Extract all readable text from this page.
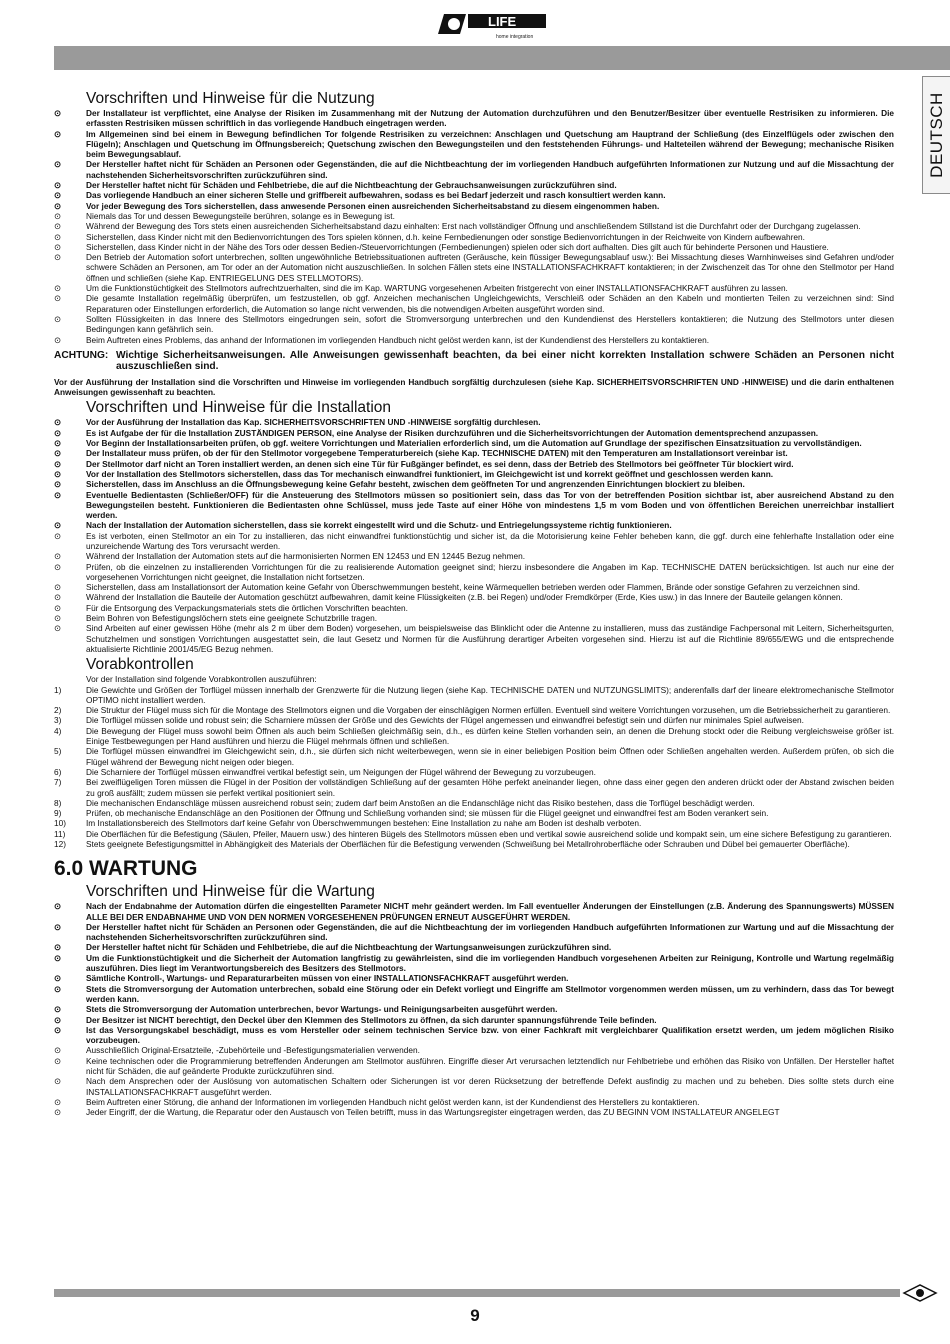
LIFE
home integration
DEUTSCH
Vorschriften und Hinweise für die Nutzung
⊙	Der Installateur ist verpflichtet, eine Analyse der Risiken im Zusammenhang mit der Nutzung der Automation durchzuführen und den Benutzer/Besitzer über eventuelle Restrisiken zu informieren. Die erfassten Restrisiken müssen schriftlich in das vorliegende Handbuch eingetragen werden.
⊙	Im Allgemeinen sind bei einem in Bewegung befindlichen Tor folgende Restrisiken zu verzeichnen: Anschlagen und Quetschung am Hauptrand der Schließung (des Einzelflügels oder zwischen den Flügeln); Anschlagen und Quetschung im Öffnungsbereich; Quetschung zwischen den Bewegungsteilen und den feststehenden Führungs- und Halteteilen während der Bewegung; mechanische Risiken beim Bewegungsablauf.
⊙	Der Hersteller haftet nicht für Schäden an Personen oder Gegenständen, die auf die Nichtbeachtung der im vorliegenden Handbuch aufgeführten Informationen zur Nutzung und auf die Missachtung der nachstehenden Sicherheitsvorschriften zurückzuführen sind.
⊙	Der Hersteller haftet nicht für Schäden und Fehlbetriebe, die auf die Nichtbeachtung der Gebrauchsanweisungen zurückzuführen sind.
⊙	Das vorliegende Handbuch an einer sicheren Stelle und griffbereit aufbewahren, sodass es bei Bedarf jederzeit und rasch konsultiert werden kann.
⊙	Vor jeder Bewegung des Tors sicherstellen, dass anwesende Personen einen ausreichenden Sicherheitsabstand zu diesem eingenommen haben.
⊙	Niemals das Tor und dessen Bewegungsteile berühren, solange es in Bewegung ist.
⊙	Während der Bewegung des Tors stets einen ausreichenden Sicherheitsabstand dazu einhalten: Erst nach vollständiger Öffnung und anschließendem Stillstand ist die Durchfahrt oder der Durchgang zugelassen.
⊙	Sicherstellen, dass Kinder nicht mit den Bedienvorrichtungen des Tors spielen können, d.h. keine Fernbedienungen oder sonstige Bedienvorrichtungen in der Reichweite von Kindern aufbewahren.
⊙	Sicherstellen, dass Kinder nicht in der Nähe des Tors oder dessen Bedien-/Steuervorrichtungen (Fernbedienungen) spielen oder sich dort aufhalten. Dies gilt auch für behinderte Personen und Haustiere.
⊙	Den Betrieb der Automation sofort unterbrechen, sollten ungewöhnliche Betriebssituationen auftreten (Geräusche, kein flüssiger Bewegungsablauf usw.): Bei Missachtung dieses Warnhinweises sind Gefahren und/oder schwere Schäden an Personen, am Tor oder an der Automation nicht auszuschließen. In solchen Fällen stets eine INSTALLATIONSFACHKRAFT kontaktieren; in der Zwischenzeit das Tor ohne den Stellmotor per Hand öffnen und schließen (siehe Kap. ENTRIEGELUNG DES STELLMOTORS).
⊙	Um die Funktionstüchtigkeit des Stellmotors aufrechtzuerhalten, sind die im Kap. WARTUNG vorgesehenen Arbeiten fristgerecht von einer INSTALLATIONSFACHKRAFT ausführen zu lassen.
⊙	Die gesamte Installation regelmäßig überprüfen, um festzustellen, ob ggf. Anzeichen mechanischen Ungleichgewichts, Verschleiß oder Schäden an den Kabeln und montierten Teilen zu verzeichnen sind: Sind Reparaturen oder Einstellungen erforderlich, die Automation so lange nicht verwenden, bis die notwendigen Arbeiten ausgeführt worden sind.
⊙	Sollten Flüssigkeiten in das Innere des Stellmotors eingedrungen sein, sofort die Stromversorgung unterbrechen und den Kundendienst des Herstellers kontaktieren; die Nutzung des Stellmotors unter diesen Bedingungen kann gefährlich sein.
⊙	Beim Auftreten eines Problems, das anhand der Informationen im vorliegenden Handbuch nicht gelöst werden kann, ist der Kundendienst des Herstellers zu kontaktieren.
ACHTUNG: Wichtige Sicherheitsanweisungen. Alle Anweisungen gewissenhaft beachten, da bei einer nicht korrekten Installation schwere Schäden an Personen nicht auszuschließen sind.
Vor der Ausführung der Installation sind die Vorschriften und Hinweise im vorliegenden Handbuch sorgfältig durchzulesen (siehe Kap. SICHERHEITSVORSCHRIFTEN UND -HINWEISE) und die darin enthaltenen Anweisungen gewissenhaft zu beachten.
Vorschriften und Hinweise für die Installation
⊙	Vor der Ausführung der Installation das Kap. SICHERHEITSVORSCHRIFTEN UND -HINWEISE sorgfältig durchlesen.
⊙	Es ist Aufgabe der für die Installation ZUSTÄNDIGEN PERSON, eine Analyse der Risiken durchzuführen und die Sicherheitsvorrichtungen der Automation dementsprechend anzupassen.
⊙	Vor Beginn der Installationsarbeiten prüfen, ob ggf. weitere Vorrichtungen und Materialien erforderlich sind, um die Automation auf Grundlage der spezifischen Einsatzsituation zu vervollständigen.
⊙	Der Installateur muss prüfen, ob der für den Stellmotor vorgegebene Temperaturbereich (siehe Kap. TECHNISCHE DATEN) mit den Temperaturen am Installationsort vereinbar ist.
⊙	Der Stellmotor darf nicht an Toren installiert werden, an denen sich eine Tür für Fußgänger befindet, es sei denn, dass der Betrieb des Stellmotors bei geöffneter Tür blockiert wird.
⊙	Vor der Installation des Stellmotors sicherstellen, dass das Tor mechanisch einwandfrei funktioniert, im Gleichgewicht ist und korrekt geöffnet und geschlossen werden kann.
⊙	Sicherstellen, dass im Anschluss an die Öffnungsbewegung keine Gefahr besteht, zwischen dem geöffneten Tor und angrenzenden Einrichtungen blockiert zu bleiben.
⊙	Eventuelle Bedientasten (Schließer/OFF) für die Ansteuerung des Stellmotors müssen so positioniert sein, dass das Tor von der betreffenden Position sichtbar ist, aber ausreichend Abstand zu den Bewegungsteilen besteht. Funktionieren die Bedientasten ohne Schlüssel, muss jede Taste auf einer Höhe von mindestens 1,5 m vom Boden und von öffentlichen Bereichen unerreichbar installiert werden.
⊙	Nach der Installation der Automation sicherstellen, dass sie korrekt eingestellt wird und die Schutz- und Entriegelungssysteme richtig funktionieren.
⊙	Es ist verboten, einen Stellmotor an ein Tor zu installieren, das nicht einwandfrei funktionstüchtig und sicher ist, da die Motorisierung keine Fehler beheben kann, die ggf. durch eine fehlerhafte Installation oder eine unzureichende Wartung des Tors verursacht werden.
⊙	Während der Installation der Automation stets auf die harmonisierten Normen EN 12453 und EN 12445 Bezug nehmen.
⊙	Prüfen, ob die einzelnen zu installierenden Vorrichtungen für die zu realisierende Automation geeignet sind; hierzu insbesondere die Angaben im Kap. TECHNISCHE DATEN berücksichtigen. Ist auch nur eine der vorgesehenen Vorrichtungen nicht geeignet, die Installation nicht fortsetzen.
⊙	Sicherstellen, dass am Installationsort der Automation keine Gefahr von Überschwemmungen besteht, keine Wärmequellen betrieben werden oder Flammen, Brände oder sonstige Gefahren zu verzeichnen sind.
⊙	Während der Installation die Bauteile der Automation geschützt aufbewahren, damit keine Flüssigkeiten (z.B. bei Regen) und/oder Fremdkörper (Erde, Kies usw.) in das Innere der Bauteile gelangen können.
⊙	Für die Entsorgung des Verpackungsmaterials stets die örtlichen Vorschriften beachten.
⊙	Beim Bohren von Befestigungslöchern stets eine geeignete Schutzbrille tragen.
⊙	Sind Arbeiten auf einer gewissen Höhe (mehr als 2 m über dem Boden) vorgesehen, um beispielsweise das Blinklicht oder die Antenne zu installieren, muss das zuständige Fachpersonal mit Leitern, Sicherheitsgurten, Schutzhelmen und sonstigen Vorrichtungen ausgestattet sein, die laut Gesetz und Normen für die Ausführung derartiger Arbeiten vorgesehen sind. Hierzu ist auf die Richtlinie 89/655/EWG und die entsprechende aktualisierte Richtlinie 2001/45/EG Bezug nehmen.
Vorabkontrollen
Vor der Installation sind folgende Vorabkontrollen auszuführen:
1)	Die Gewichte und Größen der Torflügel müssen innerhalb der Grenzwerte für die Nutzung liegen (siehe Kap. TECHNISCHE DATEN und NUTZUNGSLIMITS); anderenfalls darf der lineare elektromechanische Stellmotor OPTIMO nicht installiert werden.
2)	Die Struktur der Flügel muss sich für die Montage des Stellmotors eignen und die Vorgaben der einschlägigen Normen erfüllen. Eventuell sind weitere Vorrichtungen vorzusehen, um die Betriebssicherheit zu garantieren.
3)	Die Torflügel müssen solide und robust sein; die Scharniere müssen der Größe und des Gewichts der Flügel angemessen und einwandfrei befestigt sein und dürfen nur minimales Spiel aufweisen.
4)	Die Bewegung der Flügel muss sowohl beim Öffnen als auch beim Schließen gleichmäßig sein, d.h., es dürfen keine Stellen vorhanden sein, an denen die Drehung stockt oder die Reibung vergleichsweise größer ist. Einige Testbewegungen per Hand ausführen und hierzu die Flügel mehrmals öffnen und schließen.
5)	Die Torflügel müssen einwandfrei im Gleichgewicht sein, d.h., sie dürfen sich nicht weiterbewegen, wenn sie in einer beliebigen Position beim Öffnen oder Schließen angehalten werden. Außerdem prüfen, ob sich die Flügel während der Bewegung nicht neigen oder biegen.
6)	Die Scharniere der Torflügel müssen einwandfrei vertikal befestigt sein, um Neigungen der Flügel während der Bewegung zu vorzubeugen.
7)	Bei zweiflügeligen Toren müssen die Flügel in der Position der vollständigen Schließung auf der gesamten Höhe perfekt aneinander liegen, ohne dass einer gegen den anderen drückt oder der Abstand zwischen beiden zu groß ausfällt; zudem müssen sie perfekt vertikal positioniert sein.
8)	Die mechanischen Endanschläge müssen ausreichend robust sein; zudem darf beim Anstoßen an die Endanschläge nicht das Risiko bestehen, dass die Torflügel beschädigt werden.
9)	Prüfen, ob mechanische Endanschläge an den Positionen der Öffnung und Schließung vorhanden sind; sie müssen für die Flügel geeignet und einwandfrei fest am Boden verankert sein.
10)	Im Installationsbereich des Stellmotors darf keine Gefahr von Überschwemmungen bestehen: Eine Installation zu nahe am Boden ist deshalb verboten.
11)	Die Oberflächen für die Befestigung (Säulen, Pfeiler, Mauern usw.) des hinteren Bügels des Stellmotors müssen eben und vertikal sowie ausreichend solide und kompakt sein, um eine sichere Befestigung zu garantieren.
12)	Stets geeignete Befestigungsmittel in Abhängigkeit des Materials der Oberflächen für die Befestigung verwenden (Schweißung bei Metallrohroberfläche oder Schrauben und Dübel bei gemauerter Oberfläche).
6.0 WARTUNG
Vorschriften und Hinweise für die Wartung
⊙	Nach der Endabnahme der Automation dürfen die eingestellten Parameter NICHT mehr geändert werden. Im Fall eventueller Änderungen der Einstellungen (z.B. Änderung des Spannungswerts) MÜSSEN ALLE BEI DER ENDABNAHME UND VON DEN NORMEN VORGESEHENEN PRÜFUNGEN ERNEUT AUSGEFÜHRT WERDEN.
⊙	Der Hersteller haftet nicht für Schäden an Personen oder Gegenständen, die auf die Nichtbeachtung der im vorliegenden Handbuch aufgeführten Informationen zur Wartung und auf die Missachtung der nachstehenden Sicherheitsvorschriften zurückzuführen sind.
⊙	Der Hersteller haftet nicht für Schäden und Fehlbetriebe, die auf die Nichtbeachtung der Wartungsanweisungen zurückzuführen sind.
⊙	Um die Funktionstüchtigkeit und die Sicherheit der Automation langfristig zu gewährleisten, sind die im vorliegenden Handbuch vorgesehenen Arbeiten zur Reinigung, Kontrolle und Wartung regelmäßig auszuführen. Dies liegt im Verantwortungsbereich des Besitzers des Stellmotors.
⊙	Sämtliche Kontroll-, Wartungs- und Reparaturarbeiten müssen von einer INSTALLATIONSFACHKRAFT ausgeführt werden.
⊙	Stets die Stromversorgung der Automation unterbrechen, sobald eine Störung oder ein Defekt vorliegt und Eingriffe am Stellmotor vorgenommen werden müssen, um zu verhindern, dass das Tor bewegt werden kann.
⊙	Stets die Stromversorgung der Automation unterbrechen, bevor Wartungs- und Reinigungsarbeiten ausgeführt werden.
⊙	Der Besitzer ist NICHT berechtigt, den Deckel über den Klemmen des Stellmotors zu öffnen, da sich darunter spannungsführende Teile befinden.
⊙	Ist das Versorgungskabel beschädigt, muss es vom Hersteller oder seinem technischen Service bzw. von einer Fachkraft mit vergleichbarer Qualifikation ersetzt werden, um jedem möglichen Risiko vorzubeugen.
⊙	Ausschließlich Original-Ersatzteile, -Zubehörteile und -Befestigungsmaterialien verwenden.
⊙	Keine technischen oder die Programmierung betreffenden Änderungen am Stellmotor ausführen. Eingriffe dieser Art verursachen letztendlich nur Fehlbetriebe und erhöhen das Risiko von Unfällen. Der Hersteller haftet nicht für Schäden, die auf geänderte Produkte zurückzuführen sind.
⊙	Nach dem Ansprechen oder der Auslösung von automatischen Schaltern oder Sicherungen ist vor deren Rücksetzung der betreffende Defekt ausfindig zu machen und zu beheben. Dies sollte stets durch eine INSTALLATIONSFACHKRAFT ausgeführt werden.
⊙	Beim Auftreten einer Störung, die anhand der Informationen im vorliegenden Handbuch nicht gelöst werden kann, ist der Kundendienst des Herstellers zu kontaktieren.
⊙	Jeder Eingriff, der die Wartung, die Reparatur oder den Austausch von Teilen betrifft, muss in das Wartungsregister eingetragen werden, das ZU BEGINN VOM INSTALLATEUR ANGELEGT
9
